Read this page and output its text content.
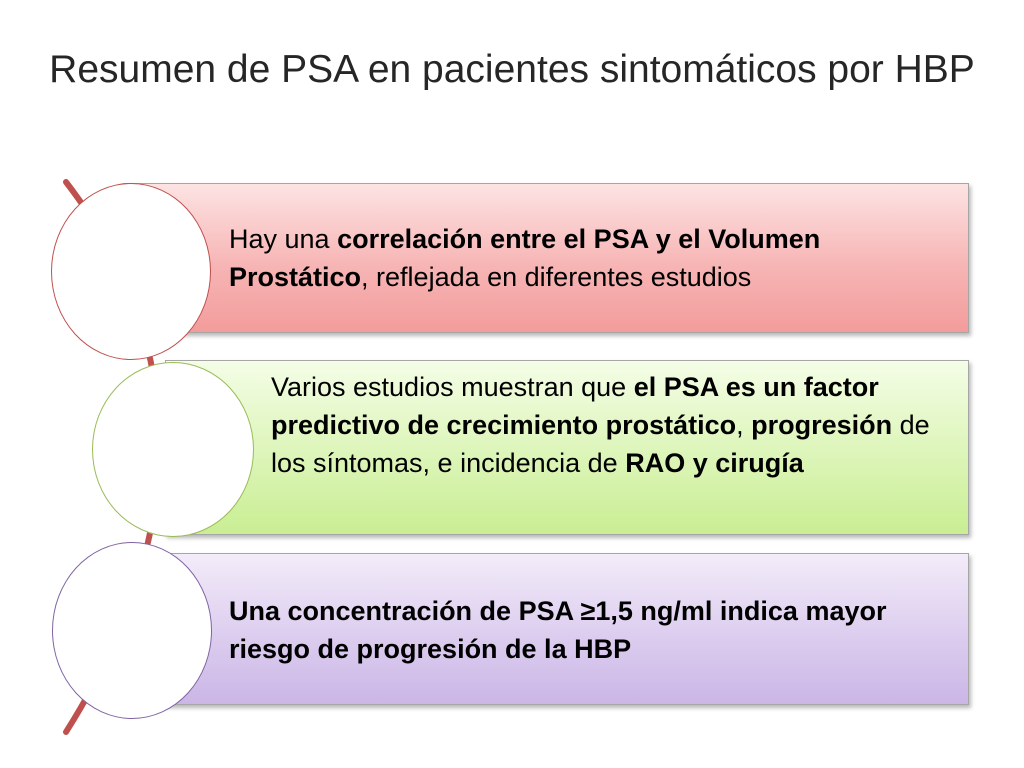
Resumen de PSA en pacientes sintomáticos por HBP
Hay una correlación entre el PSA y el Volumen Prostático, reflejada en diferentes estudios
Varios estudios muestran que el PSA es un factor predictivo de crecimiento prostático, progresión de los síntomas, e incidencia de RAO y cirugía
Una concentración de PSA ≥1,5 ng/ml indica mayor riesgo de progresión de la HBP
